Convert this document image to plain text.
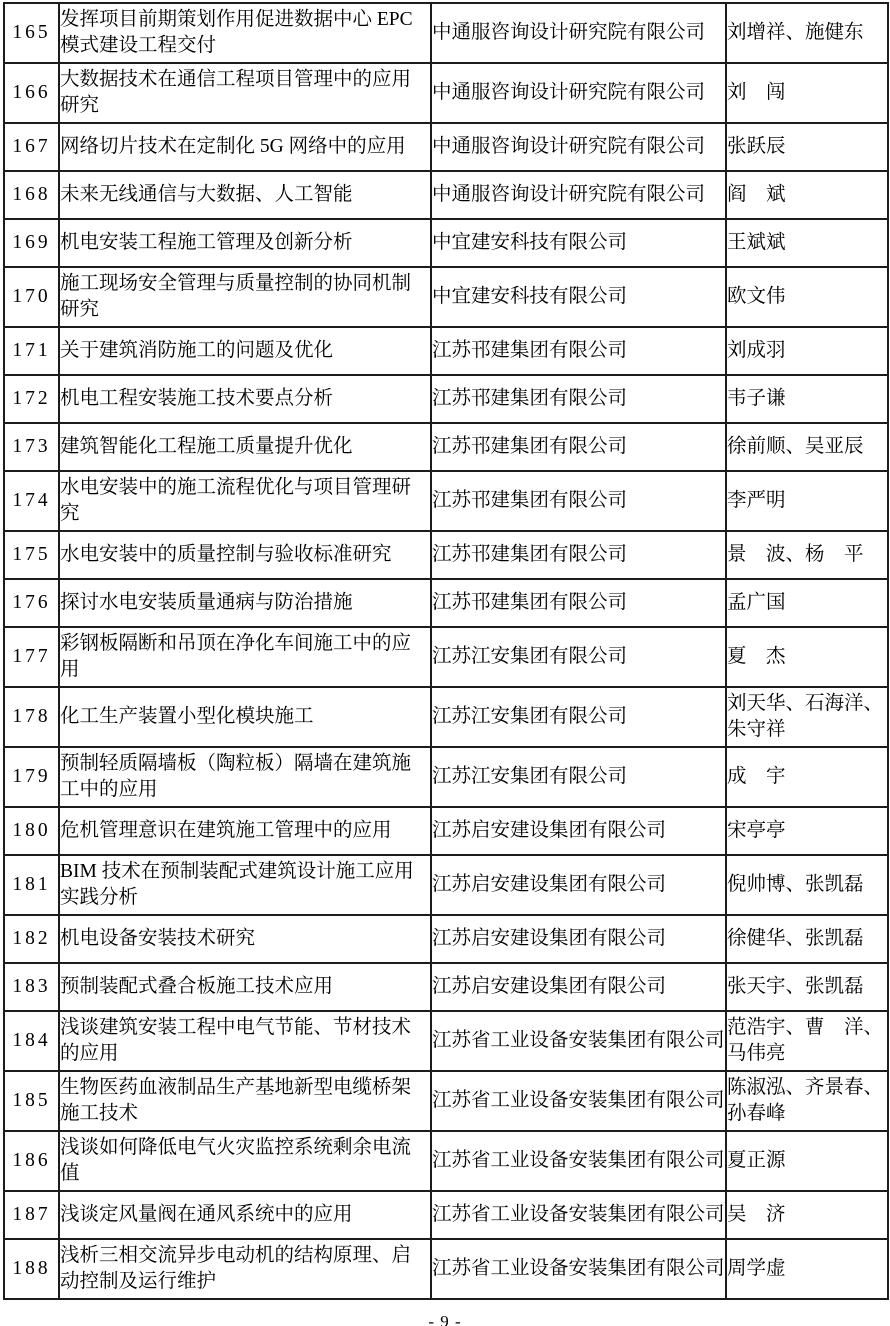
165	发挥项目前期策划作用促进数据中心 EPC 模式建设工程交付	中通服咨询设计研究院有限公司	刘增祥、施健东
166	大数据技术在通信工程项目管理中的应用研究	中通服咨询设计研究院有限公司	刘　闯
167	网络切片技术在定制化 5G 网络中的应用	中通服咨询设计研究院有限公司	张跃辰
168	未来无线通信与大数据、人工智能	中通服咨询设计研究院有限公司	阎　斌
169	机电安装工程施工管理及创新分析	中宜建安科技有限公司	王斌斌
170	施工现场安全管理与质量控制的协同机制研究	中宜建安科技有限公司	欧文伟
171	关于建筑消防施工的问题及优化	江苏邗建集团有限公司	刘成羽
172	机电工程安装施工技术要点分析	江苏邗建集团有限公司	韦子谦
173	建筑智能化工程施工质量提升优化	江苏邗建集团有限公司	徐前顺、吴亚辰
174	水电安装中的施工流程优化与项目管理研究	江苏邗建集团有限公司	李严明
175	水电安装中的质量控制与验收标准研究	江苏邗建集团有限公司	景　波、杨　平
176	探讨水电安装质量通病与防治措施	江苏邗建集团有限公司	孟广国
177	彩钢板隔断和吊顶在净化车间施工中的应用	江苏江安集团有限公司	夏　杰
178	化工生产装置小型化模块施工	江苏江安集团有限公司	刘天华、石海洋、朱守祥
179	预制轻质隔墙板（陶粒板）隔墙在建筑施工中的应用	江苏江安集团有限公司	成　宇
180	危机管理意识在建筑施工管理中的应用	江苏启安建设集团有限公司	宋亭亭
181	BIM 技术在预制装配式建筑设计施工应用实践分析	江苏启安建设集团有限公司	倪帅博、张凯磊
182	机电设备安装技术研究	江苏启安建设集团有限公司	徐健华、张凯磊
183	预制装配式叠合板施工技术应用	江苏启安建设集团有限公司	张天宇、张凯磊
184	浅谈建筑安装工程中电气节能、节材技术的应用	江苏省工业设备安装集团有限公司	范浩宇、曹　洋、马伟亮
185	生物医药血液制品生产基地新型电缆桥架施工技术	江苏省工业设备安装集团有限公司	陈淑泓、齐景春、孙春峰
186	浅谈如何降低电气火灾监控系统剩余电流值	江苏省工业设备安装集团有限公司	夏正源
187	浅谈定风量阀在通风系统中的应用	江苏省工业设备安装集团有限公司	吴　济
188	浅析三相交流异步电动机的结构原理、启动控制及运行维护	江苏省工业设备安装集团有限公司	周学虚
- 9 -
